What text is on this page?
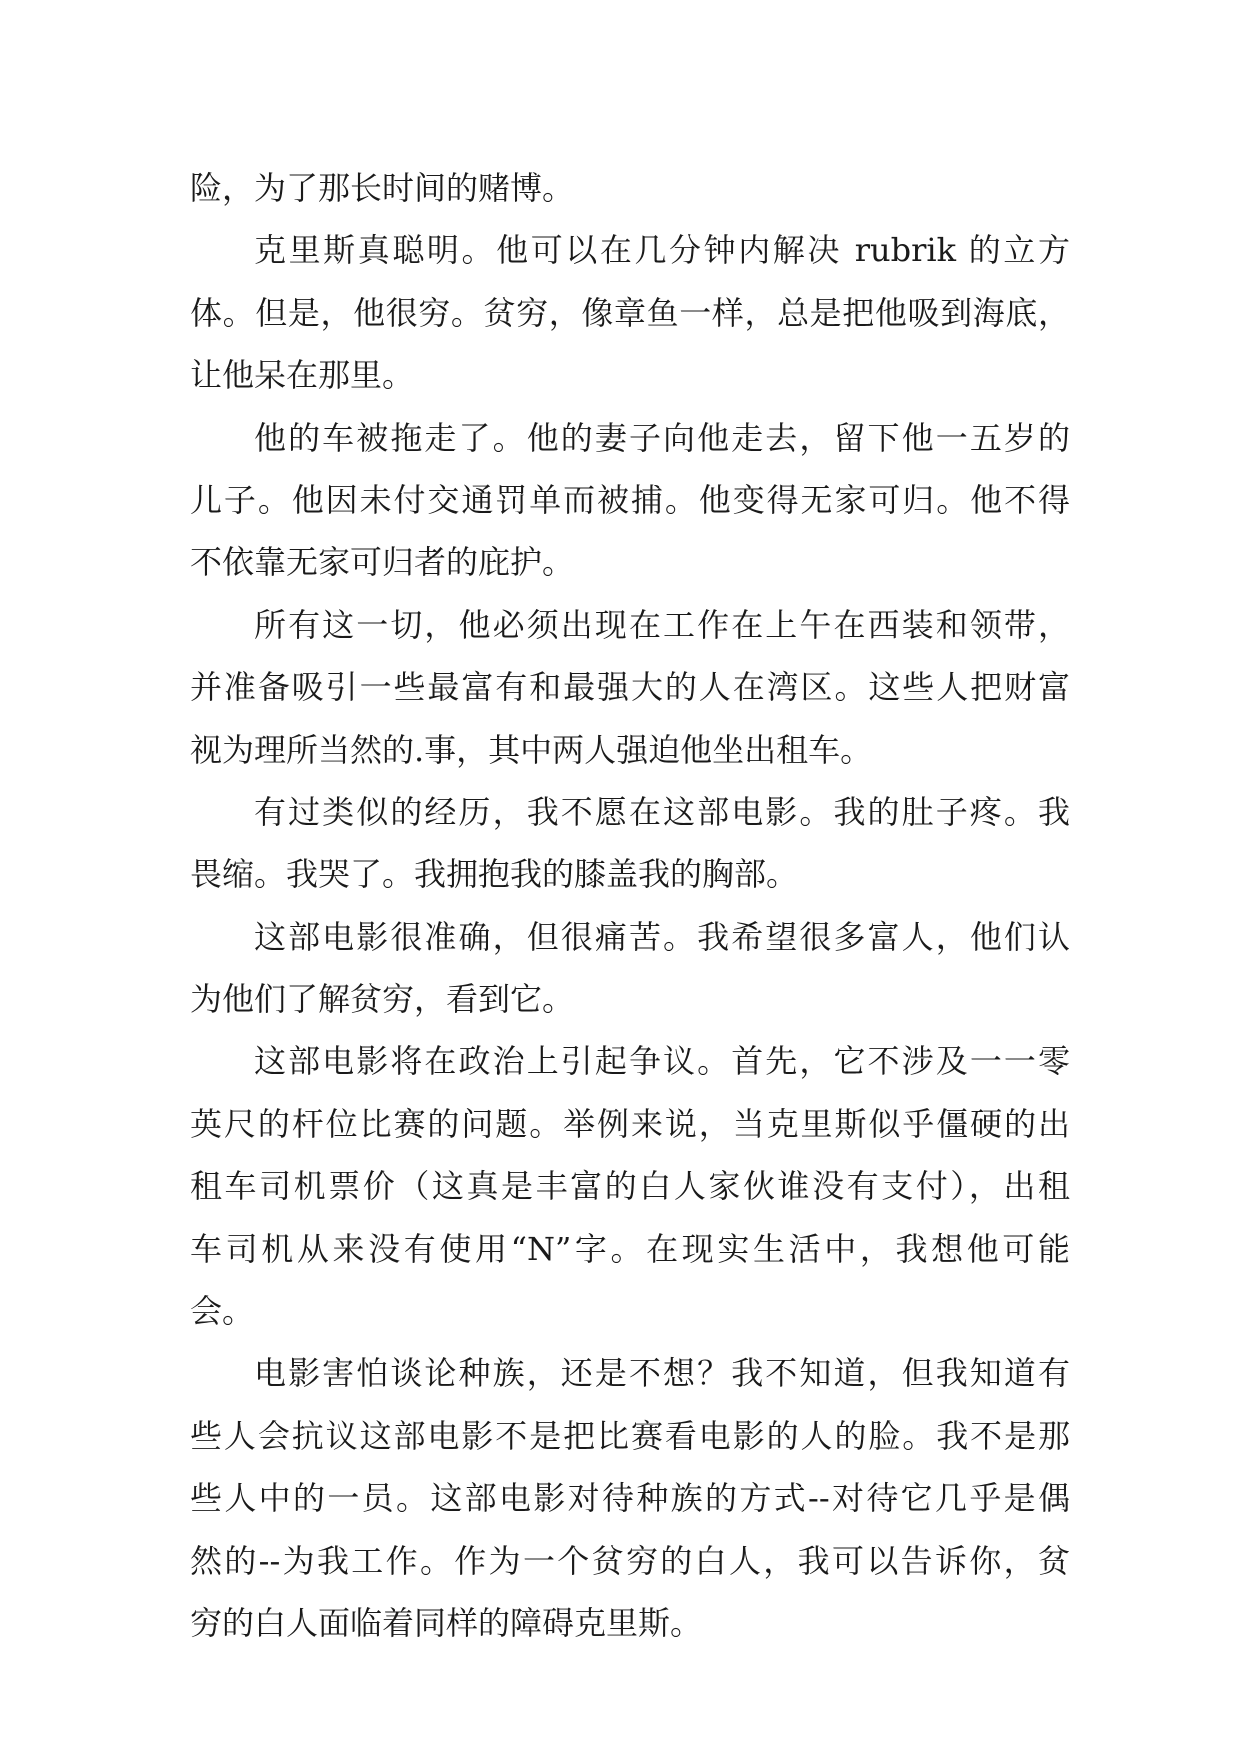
险，为了那长时间的赌博。
克里斯真聪明。他可以在几分钟内解决 rubrik 的立方
体。但是，他很穷。贫穷，像章鱼一样，总是把他吸到海底，
让他呆在那里。
他的车被拖走了。他的妻子向他走去，留下他一五岁的
儿子。他因未付交通罚单而被捕。他变得无家可归。他不得
不依靠无家可归者的庇护。
所有这一切，他必须出现在工作在上午在西装和领带，
并准备吸引一些最富有和最强大的人在湾区。这些人把财富
视为理所当然的.事，其中两人强迫他坐出租车。
有过类似的经历，我不愿在这部电影。我的肚子疼。我
畏缩。我哭了。我拥抱我的膝盖我的胸部。
这部电影很准确，但很痛苦。我希望很多富人，他们认
为他们了解贫穷，看到它。
这部电影将在政治上引起争议。首先，它不涉及一一零
英尺的杆位比赛的问题。举例来说，当克里斯似乎僵硬的出
租车司机票价（这真是丰富的白人家伙谁没有支付），出租
车司机从来没有使用“N”字。在现实生活中，我想他可能
会。
电影害怕谈论种族，还是不想？我不知道，但我知道有
些人会抗议这部电影不是把比赛看电影的人的脸。我不是那
些人中的一员。这部电影对待种族的方式--对待它几乎是偶
然的--为我工作。作为一个贫穷的白人，我可以告诉你，贫
穷的白人面临着同样的障碍克里斯。
